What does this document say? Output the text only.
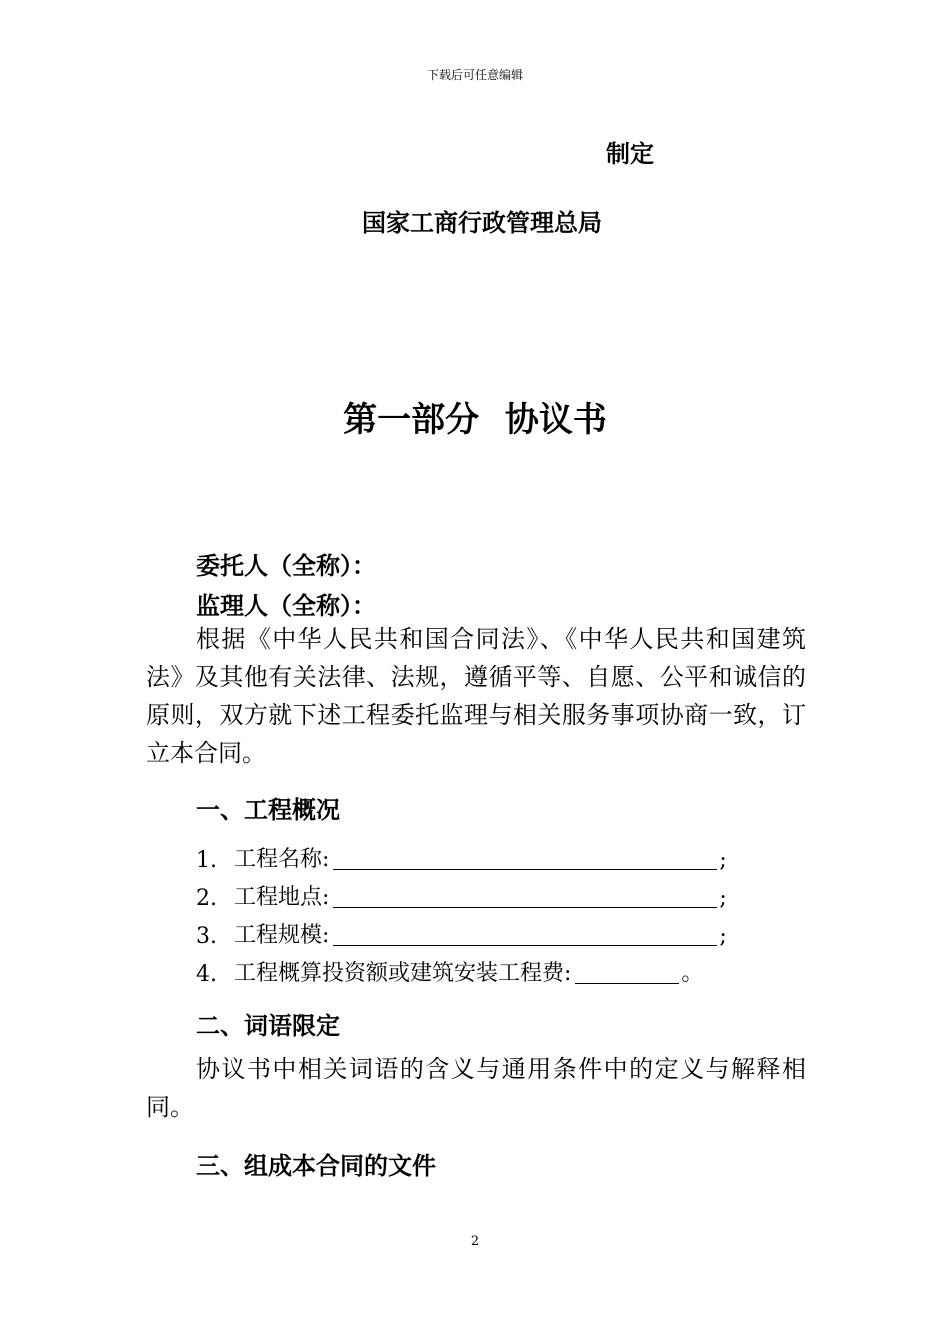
下载后可任意编辑
制定
国家工商行政管理总局
第一部分 协议书
委托人（全称）：
监理人（全称）：

根据《中华人民共和国合同法》、《中华人民共和国建筑法》及其他有关法律、法规，遵循平等、自愿、公平和诚信的原则，双方就下述工程委托监理与相关服务事项协商一致，订立本合同。

一、工程概况
1. 工程名称:	;
2. 工程地点:	;
3. 工程规模:	;
4. 工程概算投资额或建筑安装工程费:	。
二、词语限定

协议书中相关词语的含义与通用条件中的定义与解释相同。

三、组成本合同的文件
2
